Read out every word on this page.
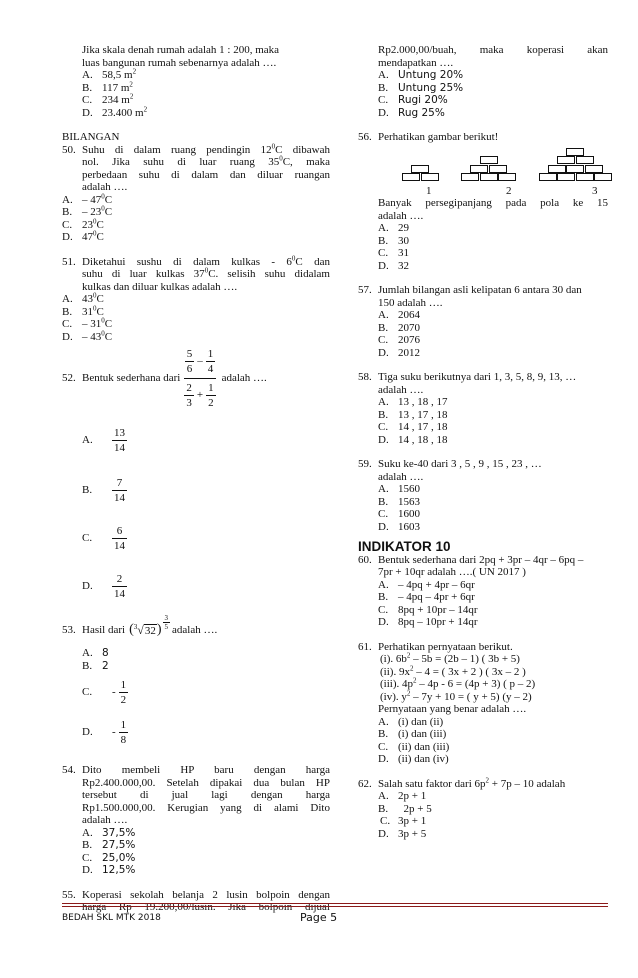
Jika skala denah rumah adalah 1 : 200, maka
luas bangunan rumah sebenarnya adalah ….
A. 58,5 $m^2$
B. 117 $m^2$
C. 234 $m^2$
D. 23.400 $m^2$
BILANGAN
50. Suhu di dalam ruang pendingin $12^0C$ dibawah
nol. Jika suhu di luar ruang $35^0C$, maka
perbedaan suhu di dalam dan diluar ruangan
adalah ….
A. – $47^0C$
B. – $23^0C$
C. $23^0C$
D. $47^0C$
51. Diketahui sushu di dalam kulkas - $6^0C$ dan
suhu di luar kulkas $37^0C$. selisih suhu didalam
kulkas dan diluar kulkas adalah ….
A. $43^0C$
B. $31^0C$
C. – $31^0C$
D. – $43^0C$
52. Bentuk sederhana dari $\frac{\frac{5}{6} - \frac{1}{4}}{\frac{2}{3} + \frac{1}{2}}$ adalah ….
A.	$\frac{13}{14}$
B.	$\frac{7}{14}$
C.	$\frac{6}{14}$
D.	$\frac{2}{14}$
53. Hasil dari ($^3$ √ 32 ) $\frac{3}{5}$ adalah ….
A. 8
B. 2
C.	- $\frac{1}{2}$
D.	- $\frac{1}{8}$
54. Dito membeli HP baru dengan harga
Rp2.400.000,00. Setelah dipakai dua bulan HP
tersebut di jual lagi dengan harga
Rp1.500.000,00. Kerugian yang di alami Dito
adalah ….
A. 37,5%
B. 27,5%
C. 25,0%
D. 12,5%
55. Koperasi sekolah belanja 2 lusin bolpoin dengan
harga Rp 19.200,00/lusin. Jika bolpoin dijual
Rp2.000,00/buah, maka koperasi akan
mendapatkan ….
A. Untung 20%
B. Untung 25%
C. Rugi 20%
D. Rug 25%
56. Perhatikan gambar berikut!
1	2	3
Banyak persegipanjang pada pola ke 15
adalah ….
A. 29
B. 30
C. 31
D. 32
57. Jumlah bilangan asli kelipatan 6 antara 30 dan
150 adalah ….
A. 2064
B. 2070
C. 2076
D. 2012
58. Tiga suku berikutnya dari 1, 3, 5, 8, 9, 13, …
adalah ….
A. 13 , 18 , 17
B. 13 , 17 , 18
C. 14 , 17 , 18
D. 14 , 18 , 18
59. Suku ke-40 dari 3 , 5 , 9 , 15 , 23 , …
adalah ….
A. 1560
B. 1563
C. 1600
D. 1603
INDIKATOR 10
60. Bentuk sederhana dari 2pq + 3pr – 4qr – 6pq –
7pr + 10qr adalah ….( UN 2017 )
A. – 4pq + 4pr – 6qr
B. – 4pq – 4pr + 6qr
C. 8pq + 10pr – 14qr
D. 8pq – 10pr + 14qr
61. Perhatikan pernyataan berikut.
(i). $6b^2 - 5b = (2b - 1)$ ( 3b + 5)
(ii). $9x^2 - 4$ = ( 3x + 2 ) ( 3x – 2 )
(iii). $4p^2 - 4p - 6 = (4p + 3)$ ( p – 2)
(iv). $y^2 - 7y + 10$ = ( y + 5) (y – 2)
Pernyataan yang benar adalah ….
A. (i) dan (ii)
B. (i) dan (iii)
C. (ii) dan (iii)
D. (ii) dan (iv)
62. Salah satu faktor dari $6p^2 + 7p - 10$ adalah
A. 2p + 1
B. 2p + 5
C. 3p + 1
D. 3p + 5
BEDAH SKL MTK 2018	Page 5
